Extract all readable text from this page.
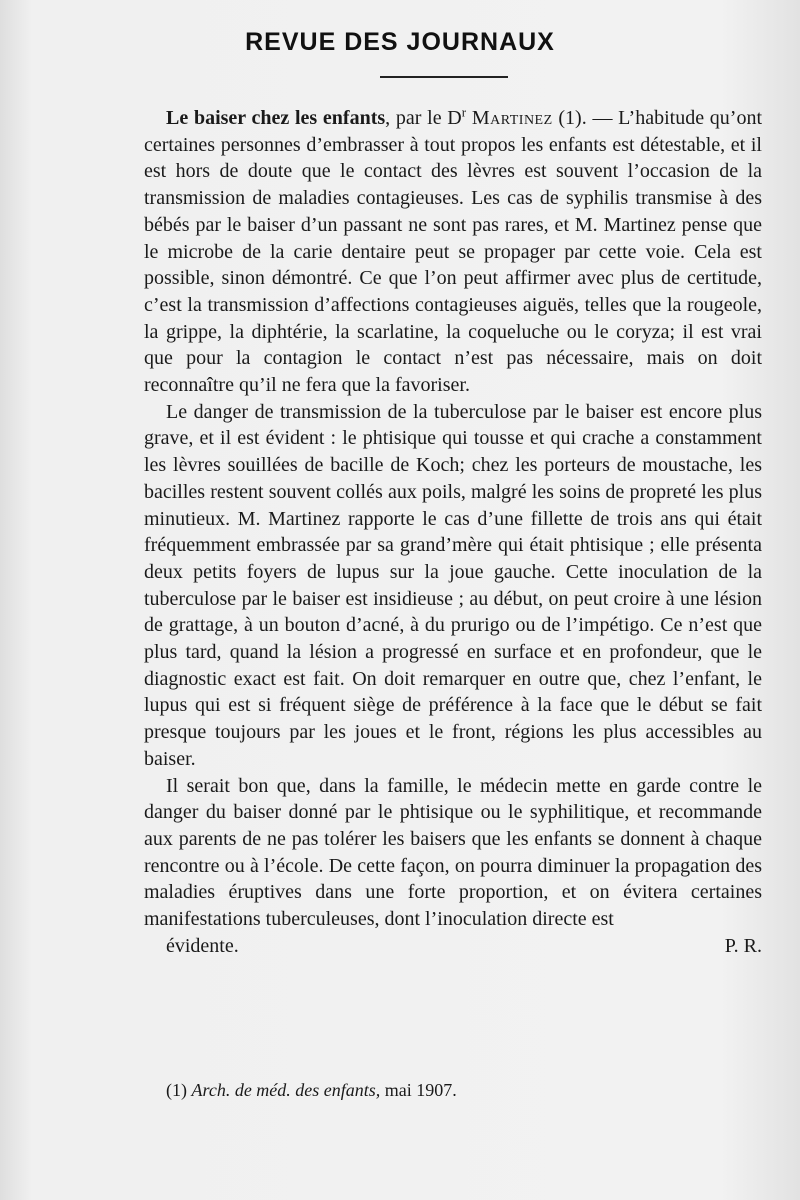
REVUE DES JOURNAUX

Le baiser chez les enfants, par le $D^r$ Martinez (1). — L’habitude qu’ont certaines personnes d’embrasser à tout propos les enfants est détestable, et il est hors de doute que le contact des lèvres est souvent l’occasion de la transmission de maladies contagieuses. Les cas de syphilis transmise à des bébés par le baiser d’un passant ne sont pas rares, et M. Martinez pense que le microbe de la carie dentaire peut se propager par cette voie. Cela est possible, sinon démontré. Ce que l’on peut affirmer avec plus de certitude, c’est la transmission d’affections contagieuses aiguës, telles que la rougeole, la grippe, la diphtérie, la scarlatine, la coqueluche ou le coryza; il est vrai que pour la contagion le contact n’est pas nécessaire, mais on doit reconnaître qu’il ne fera que la favoriser.

Le danger de transmission de la tuberculose par le baiser est encore plus grave, et il est évident : le phtisique qui tousse et qui crache a constamment les lèvres souillées de bacille de Koch; chez les porteurs de moustache, les bacilles restent souvent collés aux poils, malgré les soins de propreté les plus minutieux. M. Martinez rapporte le cas d’une fillette de trois ans qui était fréquemment embrassée par sa grand’mère qui était phtisique ; elle présenta deux petits foyers de lupus sur la joue gauche. Cette inoculation de la tuberculose par le baiser est insidieuse ; au début, on peut croire à une lésion de grattage, à un bouton d’acné, à du prurigo ou de l’impétigo. Ce n’est que plus tard, quand la lésion a progressé en surface et en profondeur, que le diagnostic exact est fait. On doit remarquer en outre que, chez l’enfant, le lupus qui est si fréquent siège de préférence à la face que le début se fait presque toujours par les joues et le front, régions les plus accessibles au baiser.

Il serait bon que, dans la famille, le médecin mette en garde contre le danger du baiser donné par le phtisique ou le syphilitique, et recommande aux parents de ne pas tolérer les baisers que les enfants se donnent à chaque rencontre ou à l’école. De cette façon, on pourra diminuer la propagation des maladies éruptives dans une forte proportion, et on évitera certaines manifestations tuberculeuses, dont l’inoculation directe est

évidente.	P. R.

(1) Arch. de méd. des enfants, mai 1907.
